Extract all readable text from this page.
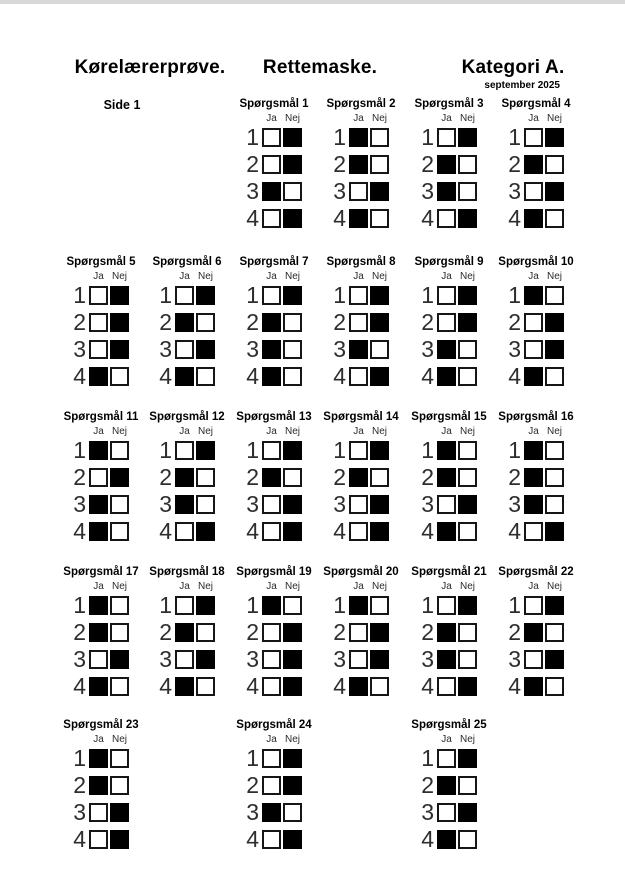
Kørelærerprøve.	Rettemaske.	Kategori A.
september 2025
Side 1	Spørgsmål 1
Ja Nej
1
2
3
4
Spørgsmål 2
Ja Nej
1
2
3
4
Spørgsmål 3
Ja Nej
1
2
3
4
Spørgsmål 4
Ja Nej
1
2
3
4
Spørgsmål 5
Ja Nej
1
2
3
4
Spørgsmål 6
Ja Nej
1
2
3
4
Spørgsmål 7
Ja Nej
1
2
3
4
Spørgsmål 8
Ja Nej
1
2
3
4
Spørgsmål 9
Ja Nej
1
2
3
4
Spørgsmål 10
Ja Nej
1
2
3
4
Spørgsmål 11
Ja Nej
1
2
3
4
Spørgsmål 12
Ja Nej
1
2
3
4
Spørgsmål 13
Ja Nej
1
2
3
4
Spørgsmål 14
Ja Nej
1
2
3
4
Spørgsmål 15
Ja Nej
1
2
3
4
Spørgsmål 16
Ja Nej
1
2
3
4
Spørgsmål 17
Ja Nej
1
2
3
4
Spørgsmål 18
Ja Nej
1
2
3
4
Spørgsmål 19
Ja Nej
1
2
3
4
Spørgsmål 20
Ja Nej
1
2
3
4
Spørgsmål 21
Ja Nej
1
2
3
4
Spørgsmål 22
Ja Nej
1
2
3
4
Spørgsmål 23
Ja Nej
1
2
3
4
Spørgsmål 24
Ja Nej
1
2
3
4
Spørgsmål 25
Ja Nej
1
2
3
4
